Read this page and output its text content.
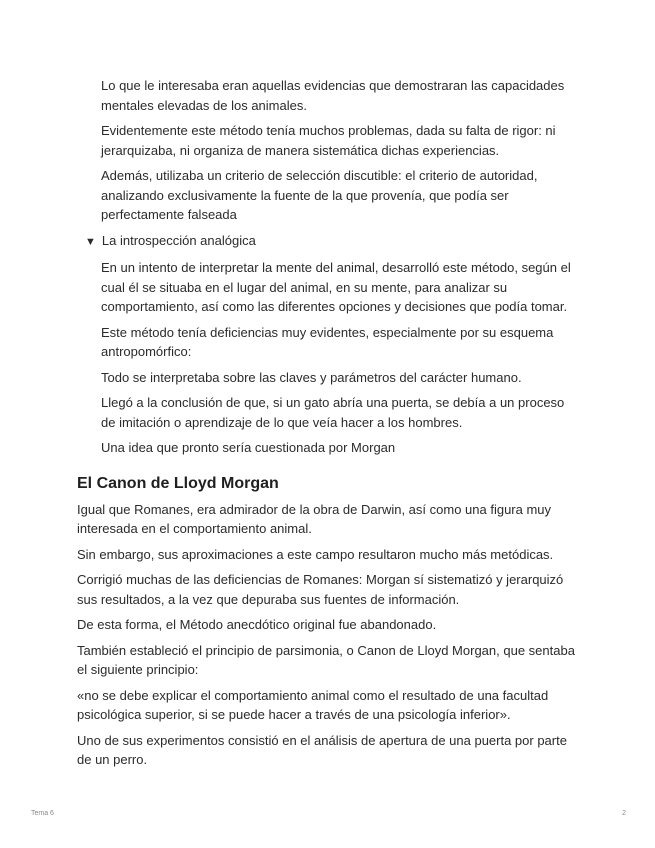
Lo que le interesaba eran aquellas evidencias que demostraran las capacidades mentales elevadas de los animales.

Evidentemente este método tenía muchos problemas, dada su falta de rigor: ni jerarquizaba, ni organiza de manera sistemática dichas experiencias.

Además, utilizaba un criterio de selección discutible: el criterio de autoridad, analizando exclusivamente la fuente de la que provenía, que podía ser perfectamente falseada

▼ La introspección analógica

En un intento de interpretar la mente del animal, desarrolló este método, según el cual él se situaba en el lugar del animal, en su mente, para analizar su comportamiento, así como las diferentes opciones y decisiones que podía tomar.

Este método tenía deficiencias muy evidentes, especialmente por su esquema antropomórfico:

Todo se interpretaba sobre las claves y parámetros del carácter humano.

Llegó a la conclusión de que, si un gato abría una puerta, se debía a un proceso de imitación o aprendizaje de lo que veía hacer a los hombres.

Una idea que pronto sería cuestionada por Morgan

El Canon de Lloyd Morgan

Igual que Romanes, era admirador de la obra de Darwin, así como una figura muy interesada en el comportamiento animal.

Sin embargo, sus aproximaciones a este campo resultaron mucho más metódicas.

Corrigió muchas de las deficiencias de Romanes: Morgan sí sistematizó y jerarquizó sus resultados, a la vez que depuraba sus fuentes de información.

De esta forma, el Método anecdótico original fue abandonado.

También estableció el principio de parsimonia, o Canon de Lloyd Morgan, que sentaba el siguiente principio:

«no se debe explicar el comportamiento animal como el resultado de una facultad psicológica superior, si se puede hacer a través de una psicología inferior».

Uno de sus experimentos consistió en el análisis de apertura de una puerta por parte de un perro.

Tema 6	2
